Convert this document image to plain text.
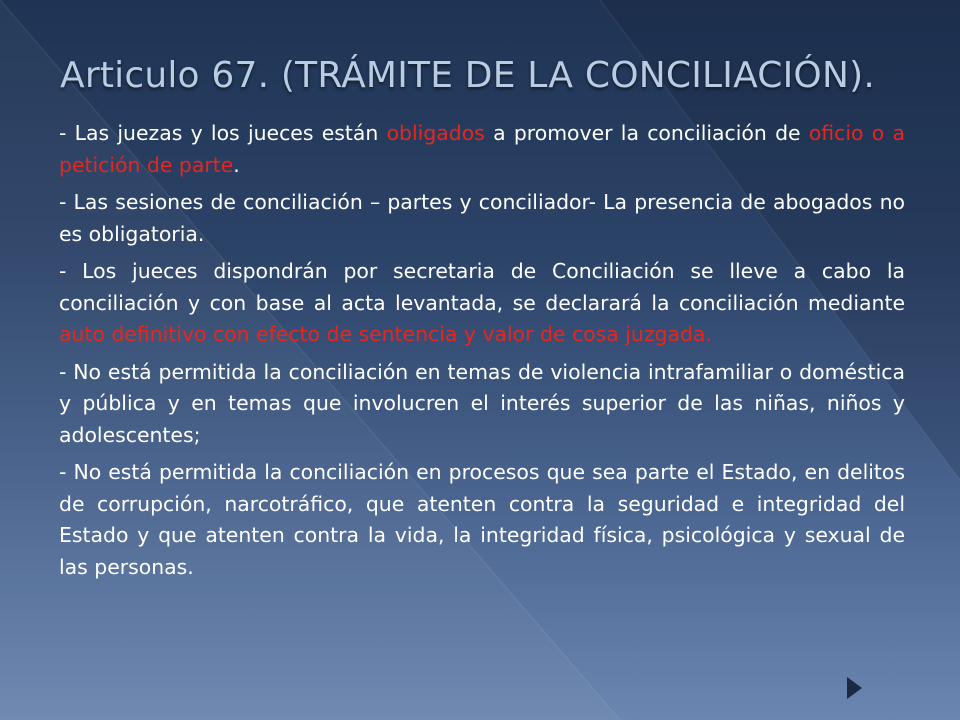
Articulo 67. (TRÁMITE DE LA CONCILIACIÓN).

- Las juezas y los jueces están obligados a promover la conciliación de oficio o a petición de parte.

- Las sesiones de conciliación – partes y conciliador- La presencia de abogados no es obligatoria.

- Los jueces dispondrán por secretaria de Conciliación se lleve a cabo la conciliación y con base al acta levantada, se declarará la conciliación mediante auto definitivo con efecto de sentencia y valor de cosa juzgada.

- No está permitida la conciliación en temas de violencia intrafamiliar o doméstica y pública y en temas que involucren el interés superior de las niñas, niños y adolescentes;

- No está permitida la conciliación en procesos que sea parte el Estado, en delitos de corrupción, narcotráfico, que atenten contra la seguridad e integridad del Estado y que atenten contra la vida, la integridad física, psicológica y sexual de las personas.
